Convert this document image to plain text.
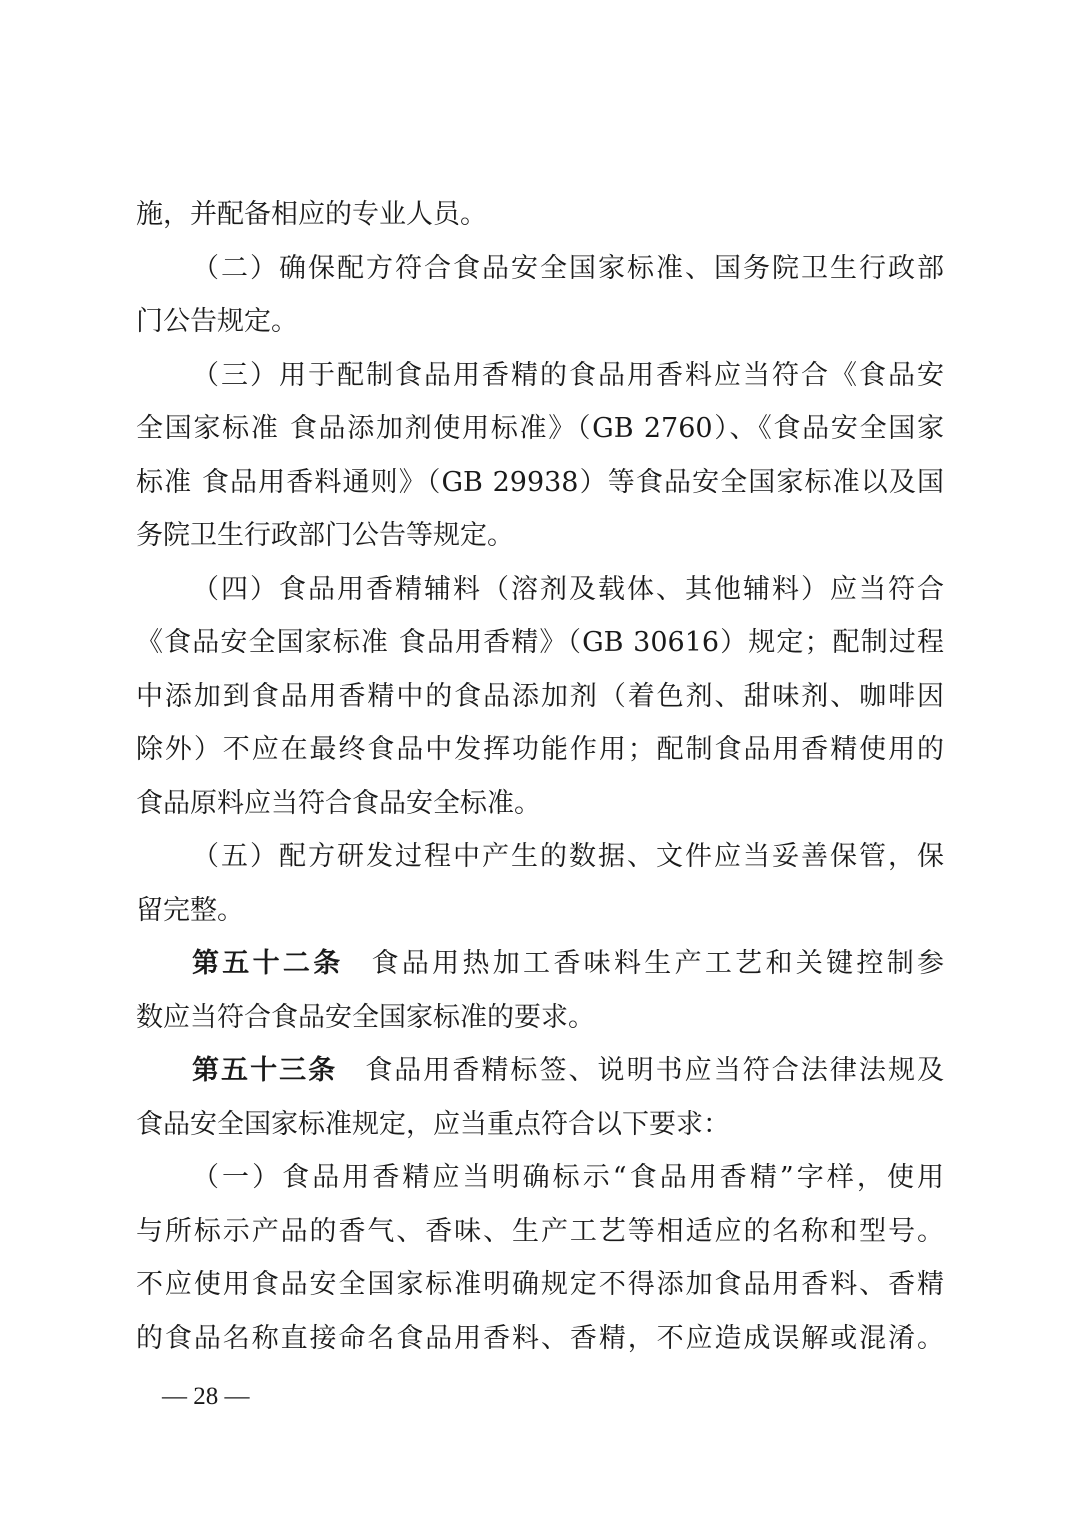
施，并配备相应的专业人员。
（二）确保配方符合食品安全国家标准、国务院卫生行政部
门公告规定。
（三）用于配制食品用香精的食品用香料应当符合《食品安
全国家标准 食品添加剂使用标准》（GB 2760）、《食品安全国家
标准 食品用香料通则》（GB 29938）等食品安全国家标准以及国
务院卫生行政部门公告等规定。
（四）食品用香精辅料（溶剂及载体、其他辅料）应当符合
《食品安全国家标准 食品用香精》（GB 30616）规定；配制过程
中添加到食品用香精中的食品添加剂（着色剂、甜味剂、咖啡因
除外）不应在最终食品中发挥功能作用；配制食品用香精使用的
食品原料应当符合食品安全标准。
（五）配方研发过程中产生的数据、文件应当妥善保管，保
留完整。
第五十二条 食品用热加工香味料生产工艺和关键控制参
数应当符合食品安全国家标准的要求。
第五十三条 食品用香精标签、说明书应当符合法律法规及
食品安全国家标准规定，应当重点符合以下要求：
（一）食品用香精应当明确标示“食品用香精”字样，使用
与所标示产品的香气、香味、生产工艺等相适应的名称和型号。
不应使用食品安全国家标准明确规定不得添加食品用香料、香精
的食品名称直接命名食品用香料、香精，不应造成误解或混淆。
— 28 —
